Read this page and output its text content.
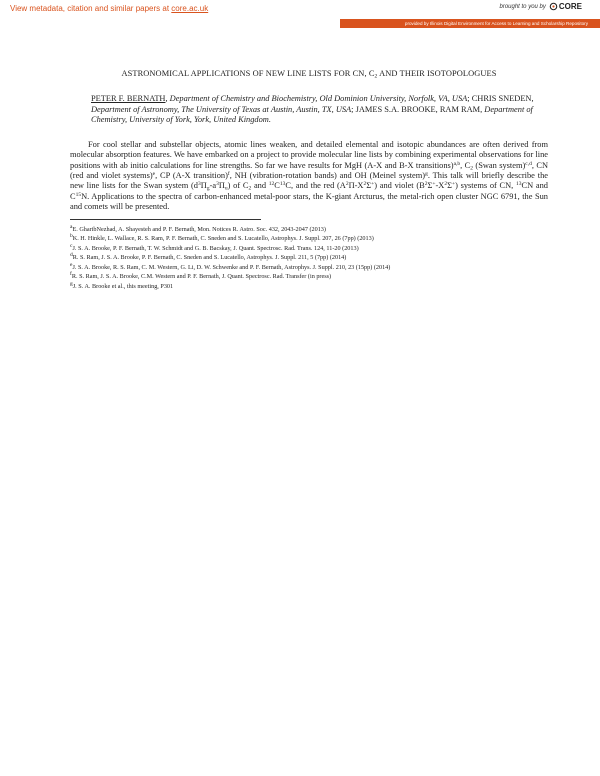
View metadata, citation and similar papers at core.ac.uk	brought to you by CORE
provided by Illinois Digital Environment for Access to Learning and Scholarship Repository

ASTRONOMICAL APPLICATIONS OF NEW LINE LISTS FOR CN, $C_2$ AND THEIR ISOTOPOLOGUES

PETER F. BERNATH, Department of Chemistry and Biochemistry, Old Dominion University, Norfolk, VA, USA; CHRIS SNEDEN, Department of Astronomy, The University of Texas at Austin, Austin, TX, USA; JAMES S.A. BROOKE, RAM RAM, Department of Chemistry, University of York, York, United Kingdom.

For cool stellar and substellar objects, atomic lines weaken, and detailed elemental and isotopic abundances are often derived from molecular absorption features. We have embarked on a project to provide molecular line lists by combining experimental observations for line positions with ab initio calculations for line strengths. So far we have results for MgH (A-X and B-X transitions)$^{a,b}$, $C_2$ (Swan system)$^{c,d}$, CN (red and violet systems)$^e$, CP (A-X transition)$^f$, NH (vibration-rotation bands) and OH (Meinel system)$^g$. This talk will briefly describe the new line lists for the Swan system $(d^3\Pi_g-a^3\Pi_u)$ of $C_2$ and $^{12}C^{13}C$, and the red $(A^2\Pi-X^2\Sigma^+)$ and violet $(B^2\Sigma^+-X^2\Sigma^+)$ systems of CN, $^{13}$CN and $C^{15}N$. Applications to the spectra of carbon-enhanced metal-poor stars, the K-giant Arcturus, the metal-rich open cluster NGC 6791, the Sun and comets will be presented.

$^a$E. GharibNezhad, A. Shayesteh and P. F. Bernath, Mon. Notices R. Astro. Soc. 432, 2043-2047 (2013)
$^b$K. H. Hinkle, L. Wallace, R. S. Ram, P. F. Bernath, C. Sneden and S. Lucatello, Astrophys. J. Suppl. 207, 26 (7pp) (2013)
$^c$J. S. A. Brooke, P. F. Bernath, T. W. Schmidt and G. B. Bacskay, J. Quant. Spectrosc. Rad. Trans. 124, 11-20 (2013)
$^d$R. S. Ram, J. S. A. Brooke, P. F. Bernath, C. Sneden and S. Lucatello, Astrophys. J. Suppl. 211, 5 (7pp) (2014)
$^e$J. S. A. Brooke, R. S. Ram, C. M. Western, G. Li, D. W. Schwenke and P. F. Bernath, Astrophys. J. Suppl. 210, 23 (15pp) (2014)
$^f$R. S. Ram, J. S. A. Brooke, C.M. Western and P. F. Bernath, J. Quant. Spectrosc. Rad. Transfer (in press)
$^g$J. S. A. Brooke et al., this meeting, P301
